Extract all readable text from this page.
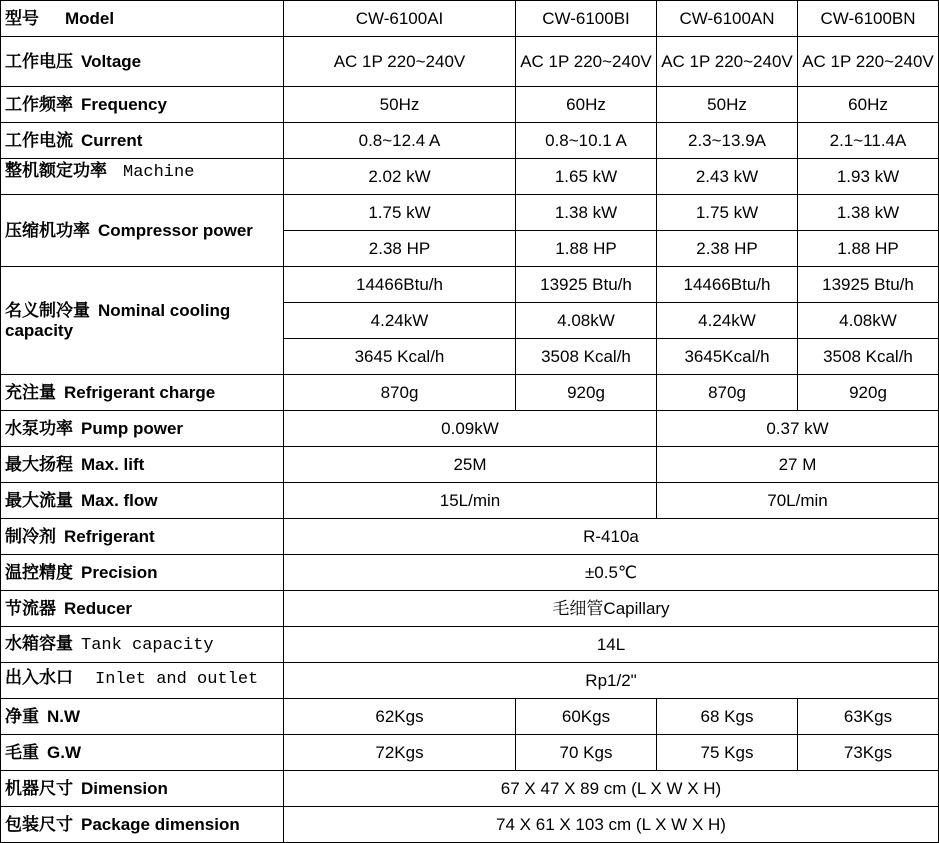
型号 Model	CW-6100AI	CW-6100BI	CW-6100AN	CW-6100BN
工作电压 Voltage	AC 1P 220~240V	AC 1P 220~240V	AC 1P 220~240V	AC 1P 220~240V
工作频率 Frequency	50Hz	60Hz	50Hz	60Hz
工作电流 Current	0.8~12.4 A	0.8~10.1 A	2.3~13.9A	2.1~11.4A
整机额定功率 Machine	2.02 kW	1.65 kW	2.43 kW	1.93 kW
压缩机功率 Compressor power	1.75 kW	1.38 kW	1.75 kW	1.38 kW
	2.38 HP	1.88 HP	2.38 HP	1.88 HP
名义制冷量 Nominal cooling capacity	14466Btu/h	13925 Btu/h	14466Btu/h	13925 Btu/h
	4.24kW	4.08kW	4.24kW	4.08kW
	3645 Kcal/h	3508 Kcal/h	3645Kcal/h	3508 Kcal/h
充注量 Refrigerant charge	870g	920g	870g	920g
水泵功率 Pump power	0.09kW		0.37 kW	
最大扬程 Max. lift	25M		27 M	
最大流量 Max. flow	15L/min		70L/min	
制冷剂 Refrigerant	R-410a			
温控精度 Precision	±0.5℃			
节流器 Reducer	毛细管Capillary			
水箱容量 Tank capacity	14L			

出入水口 Inlet and outlet	Rp1/2"			
净重 N.W	62Kgs	60Kgs	68 Kgs	63Kgs
毛重 G.W	72Kgs	70 Kgs	75 Kgs	73Kgs
机器尺寸 Dimension	67 X 47 X 89 cm (L X W X H)			
包装尺寸 Package dimension	74 X 61 X 103 cm (L X W X H)			
